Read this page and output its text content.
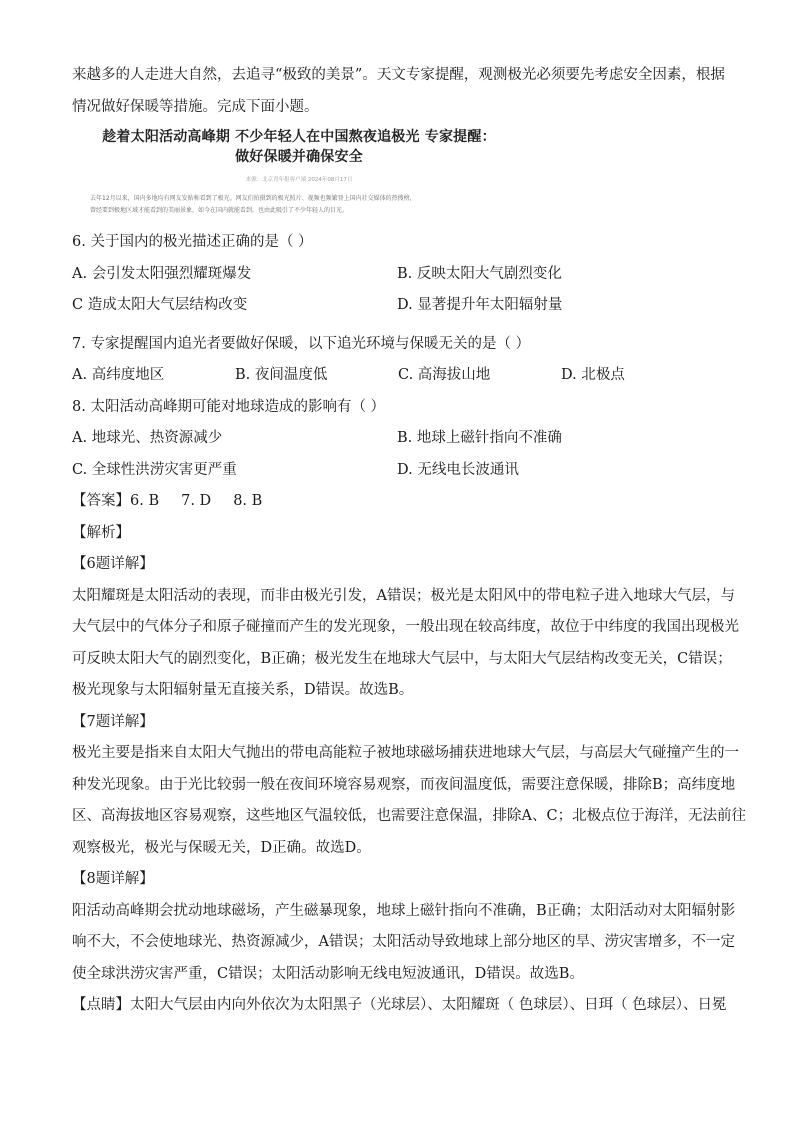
来越多的人走进大自然，去追寻“极致的美景”。天文专家提醒，观测极光必须要先考虑安全因素，根据
情况做好保暖等措施。完成下面小题。
趁着太阳活动高峰期 不少年轻人在中国熬夜追极光 专家提醒：
做好保暖并确保安全
来源：北京青年报客户端 2024年08月17日
去年12月以来，国内多地均有网友发贴称看到了极光。网友们拍摄到的极光照片、视频也频繁登上国内社交媒体的热搜榜，
曾经要到极地区域才能看到的美丽景象，如今在国内就能看到，也由此吸引了不少年轻人的目光。
6. 关于国内的极光描述正确的是（ ）
A. 会引发太阳强烈耀斑爆发	B. 反映太阳大气剧烈变化
C 造成太阳大气层结构改变	D. 显著提升年太阳辐射量
7. 专家提醒国内追光者要做好保暖，以下追光环境与保暖无关的是（ ）
A. 高纬度地区	B. 夜间温度低	C. 高海拔山地	D. 北极点
8. 太阳活动高峰期可能对地球造成的影响有（ ）
A. 地球光、热资源减少	B. 地球上磁针指向不准确
C. 全球性洪涝灾害更严重	D. 无线电长波通讯
【答案】6. B 7. D 8. B
【解析】
【6题详解】
太阳耀斑是太阳活动的表现，而非由极光引发，A错误；极光是太阳风中的带电粒子进入地球大气层，与
大气层中的气体分子和原子碰撞而产生的发光现象，一般出现在较高纬度，故位于中纬度的我国出现极光
可反映太阳大气的剧烈变化，B正确；极光发生在地球大气层中，与太阳大气层结构改变无关，C错误；
极光现象与太阳辐射量无直接关系，D错误。故选B。
【7题详解】
极光主要是指来自太阳大气抛出的带电高能粒子被地球磁场捕获进地球大气层，与高层大气碰撞产生的一
种发光现象。由于光比较弱一般在夜间环境容易观察，而夜间温度低，需要注意保暖，排除B；高纬度地
区、高海拔地区容易观察，这些地区气温较低，也需要注意保温，排除A、C；北极点位于海洋，无法前往
观察极光，极光与保暖无关，D正确。故选D。
【8题详解】
阳活动高峰期会扰动地球磁场，产生磁暴现象，地球上磁针指向不准确，B正确；太阳活动对太阳辐射影
响不大，不会使地球光、热资源减少，A错误；太阳活动导致地球上部分地区的旱、涝灾害增多，不一定
使全球洪涝灾害严重，C错误；太阳活动影响无线电短波通讯，D错误。故选B。
【点睛】太阳大气层由内向外依次为太阳黑子（光球层）、太阳耀斑（ 色球层）、日珥（ 色球层）、日冕
